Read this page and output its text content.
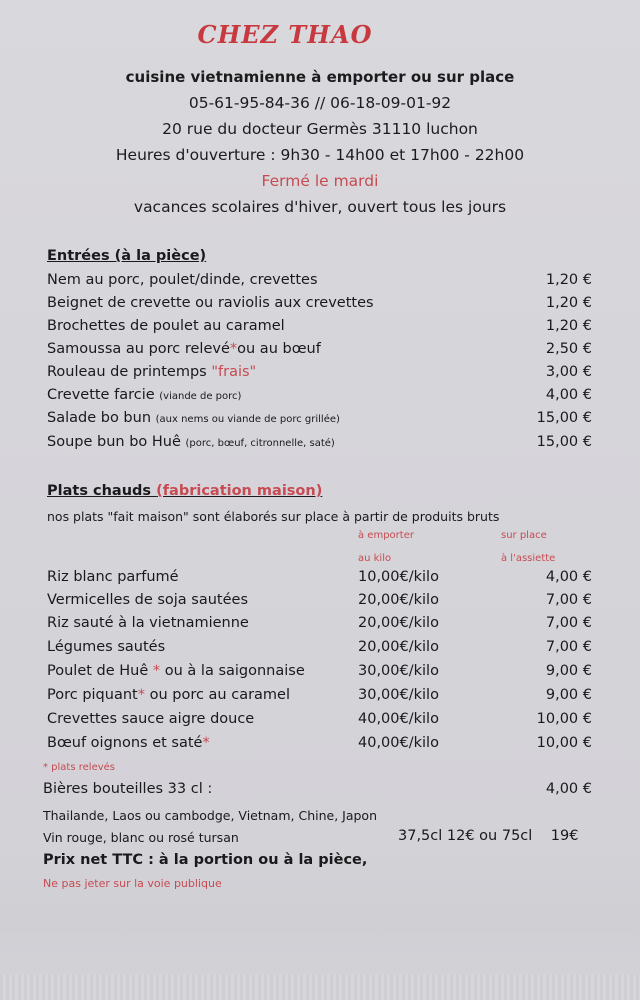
CHEZ THAO
cuisine vietnamienne à emporter ou sur place
05-61-95-84-36 // 06-18-09-01-92
20 rue du docteur Germès 31110 luchon
Heures d'ouverture : 9h30 - 14h00 et 17h00 - 22h00
Fermé le mardi
vacances scolaires d'hiver, ouvert tous les jours
Entrées (à la pièce)
Nem au porc, poulet/dinde, crevettes	1,20 €
Beignet de crevette ou raviolis aux crevettes	1,20 €
Brochettes de poulet au caramel	1,20 €
Samoussa au porc relevé*ou au bœuf	2,50 €
Rouleau de printemps "frais"	3,00 €
Crevette farcie (viande de porc)	4,00 €
Salade bo bun (aux nems ou viande de porc grillée)	15,00 €
Soupe bun bo Huê (porc, bœuf, citronnelle, saté)	15,00 €
Plats chauds (fabrication maison)
nos plats "fait maison" sont élaborés sur place à partir de produits bruts
à emporter
au kilo
sur place
à l'assiette
Riz blanc parfumé	10,00€/kilo	4,00 €
Vermicelles de soja sautées	20,00€/kilo	7,00 €
Riz sauté à la vietnamienne	20,00€/kilo	7,00 €
Légumes sautés	20,00€/kilo	7,00 €
Poulet de Huê * ou à la saigonnaise	30,00€/kilo	9,00 €
Porc piquant* ou porc au caramel	30,00€/kilo	9,00 €
Crevettes sauce aigre douce	40,00€/kilo	10,00 €
Bœuf oignons et saté*	40,00€/kilo	10,00 €
* plats relevés
Bières bouteilles 33 cl :	4,00 €
Thailande, Laos ou cambodge, Vietnam, Chine, Japon
Vin rouge, blanc ou rosé tursan	37,5cl 12€ ou 75cl    19€
Prix net TTC : à la portion ou à la pièce,
Ne pas jeter sur la voie publique
